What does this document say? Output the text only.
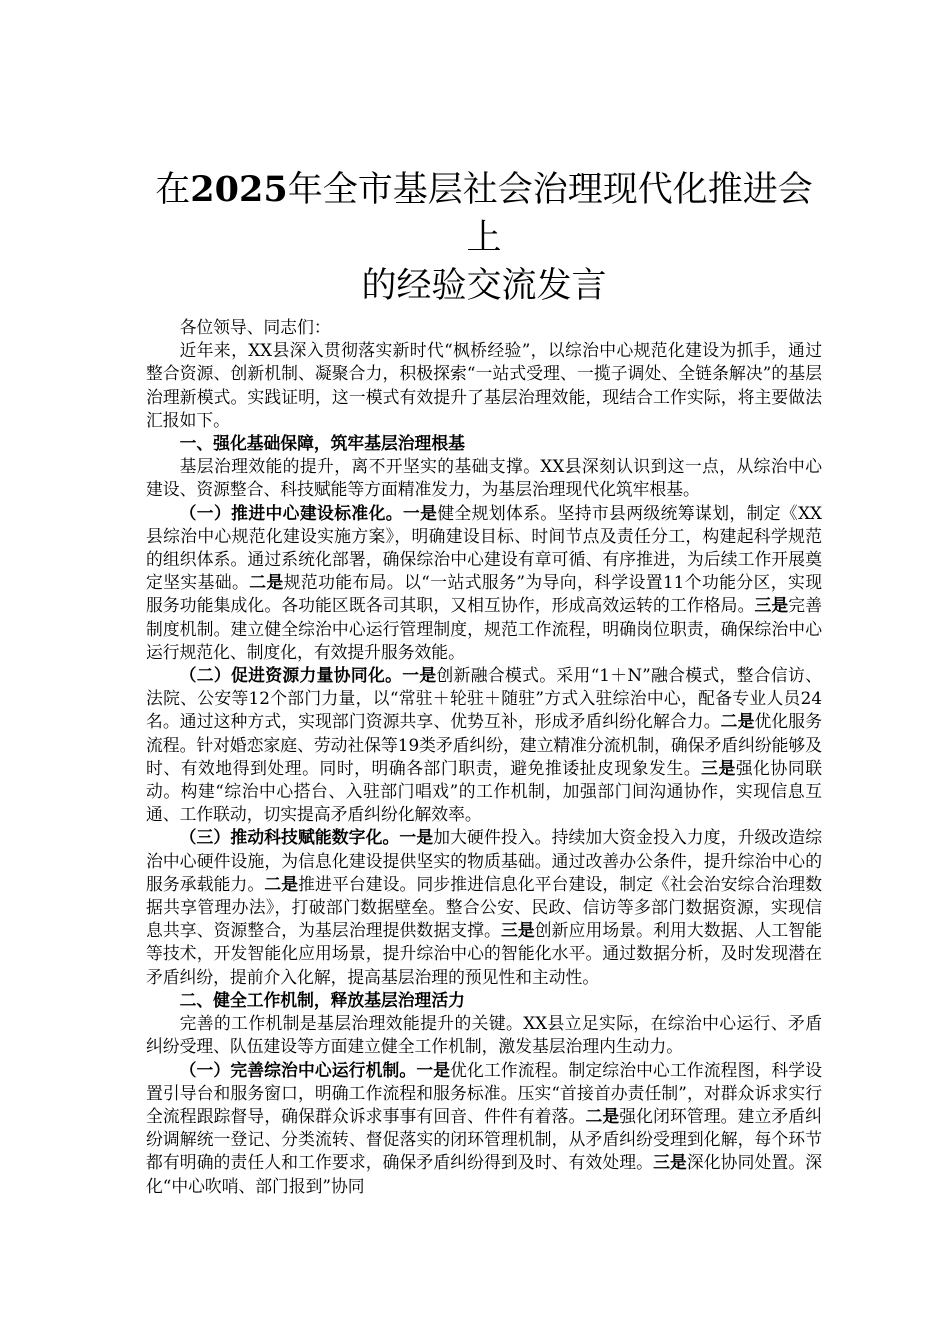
在2025年全市基层社会治理现代化推进会上
的经验交流发言

各位领导、同志们：

近年来，XX县深入贯彻落实新时代“枫桥经验”，以综治中心规范化建设为抓手，通过整合资源、创新机制、凝聚合力，积极探索“一站式受理、一揽子调处、全链条解决”的基层治理新模式。实践证明，这一模式有效提升了基层治理效能，现结合工作实际，将主要做法汇报如下。

一、强化基础保障，筑牢基层治理根基

基层治理效能的提升，离不开坚实的基础支撑。XX县深刻认识到这一点，从综治中心建设、资源整合、科技赋能等方面精准发力，为基层治理现代化筑牢根基。

（一）推进中心建设标准化。一是健全规划体系。坚持市县两级统筹谋划，制定《XX县综治中心规范化建设实施方案》，明确建设目标、时间节点及责任分工，构建起科学规范的组织体系。通过系统化部署，确保综治中心建设有章可循、有序推进，为后续工作开展奠定坚实基础。二是规范功能布局。以“一站式服务”为导向，科学设置11个功能分区，实现服务功能集成化。各功能区既各司其职，又相互协作，形成高效运转的工作格局。三是完善制度机制。建立健全综治中心运行管理制度，规范工作流程，明确岗位职责，确保综治中心运行规范化、制度化，有效提升服务效能。

（二）促进资源力量协同化。一是创新融合模式。采用“1＋N”融合模式，整合信访、法院、公安等12个部门力量，以“常驻＋轮驻＋随驻”方式入驻综治中心，配备专业人员24名。通过这种方式，实现部门资源共享、优势互补，形成矛盾纠纷化解合力。二是优化服务流程。针对婚恋家庭、劳动社保等19类矛盾纠纷，建立精准分流机制，确保矛盾纠纷能够及时、有效地得到处理。同时，明确各部门职责，避免推诿扯皮现象发生。三是强化协同联动。构建“综治中心搭台、入驻部门唱戏”的工作机制，加强部门间沟通协作，实现信息互通、工作联动，切实提高矛盾纠纷化解效率。

（三）推动科技赋能数字化。一是加大硬件投入。持续加大资金投入力度，升级改造综治中心硬件设施，为信息化建设提供坚实的物质基础。通过改善办公条件，提升综治中心的服务承载能力。二是推进平台建设。同步推进信息化平台建设，制定《社会治安综合治理数据共享管理办法》，打破部门数据壁垒。整合公安、民政、信访等多部门数据资源，实现信息共享、资源整合，为基层治理提供数据支撑。三是创新应用场景。利用大数据、人工智能等技术，开发智能化应用场景，提升综治中心的智能化水平。通过数据分析，及时发现潜在矛盾纠纷，提前介入化解，提高基层治理的预见性和主动性。

二、健全工作机制，释放基层治理活力

完善的工作机制是基层治理效能提升的关键。XX县立足实际，在综治中心运行、矛盾纠纷受理、队伍建设等方面建立健全工作机制，激发基层治理内生动力。

（一）完善综治中心运行机制。一是优化工作流程。制定综治中心工作流程图，科学设置引导台和服务窗口，明确工作流程和服务标准。压实“首接首办责任制”，对群众诉求实行全流程跟踪督导，确保群众诉求事事有回音、件件有着落。二是强化闭环管理。建立矛盾纠纷调解统一登记、分类流转、督促落实的闭环管理机制，从矛盾纠纷受理到化解，每个环节都有明确的责任人和工作要求，确保矛盾纠纷得到及时、有效处理。三是深化协同处置。深化“中心吹哨、部门报到”协同
